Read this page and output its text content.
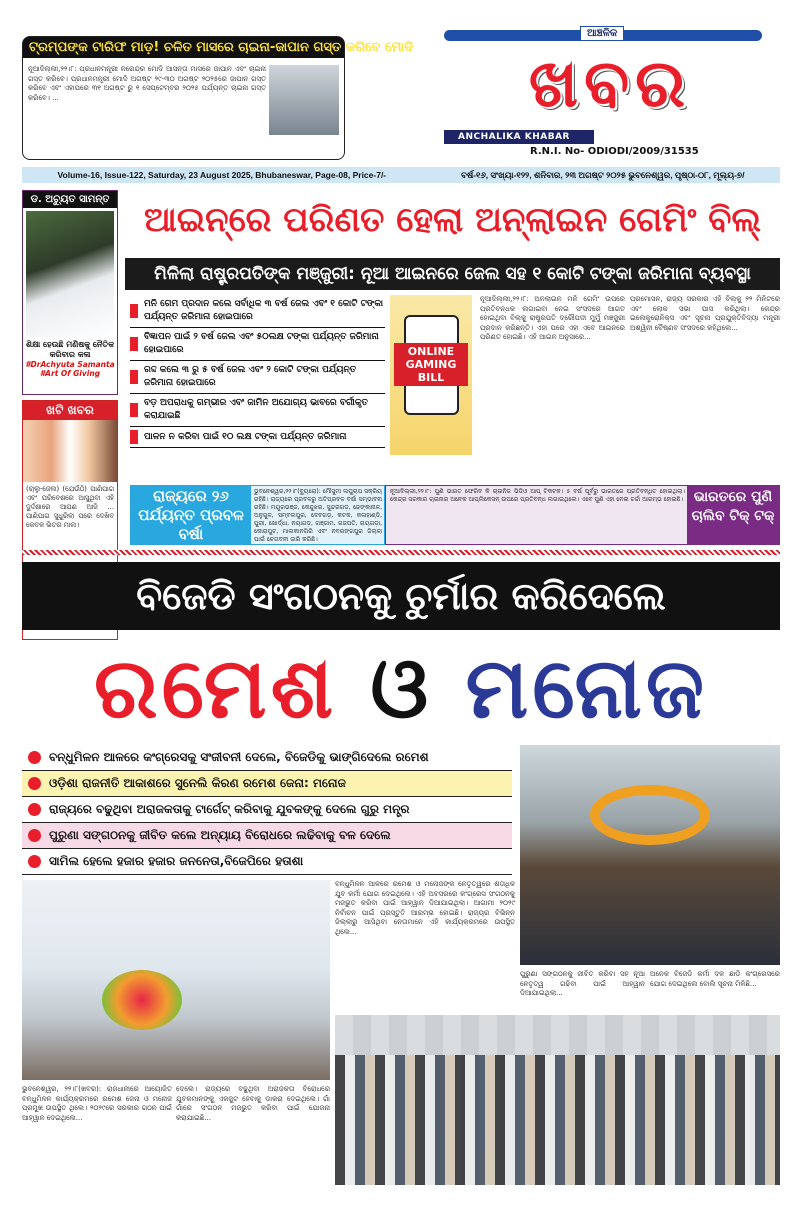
ଟ୍ରମ୍ପଙ୍କ ଟାରିଫ ମାଡ଼! ଚଳିତ ମାସରେ ଚାଇନା-ଜାପାନ ଗସ୍ତ କରିବେ ମୋଦି
ନୂଆଦିଲ୍ଲୀ,୨୨।୮: ପ୍ରଧାନମନ୍ତ୍ରୀ ନରେନ୍ଦ୍ର ମୋଦି ଆସନ୍ତା ମାସରେ ଜାପାନ ଏବଂ ଚାଇନା ଗସ୍ତ କରିବେ। ପ୍ରଧାନମନ୍ତ୍ରୀ ମୋଦି ଅଗଷ୍ଟ ୨୯-୩୦ ଅଗଷ୍ଟ ୨୦୨୫ରେ ଜାପାନ ଗସ୍ତ କରିବେ ଏବଂ ଏହାପରେ ୩୧ ଅଗଷ୍ଟ ରୁ ୧ ସେପ୍ଟେମ୍ବର ୨୦୨୫ ପର୍ଯ୍ୟନ୍ତ ଚାଇନା ଗସ୍ତ କରିବେ। ...	ଖବର
ଆଞ୍ଚଳିକ
ANCHALIKA KHABAR
R.N.I. No- ODIODI/2009/31535
Volume-16, Issue-122, Saturday, 23 August 2025, Bhubaneswar, Page-08, Price-7/-	ବର୍ଷ-୧୬, ସଂଖ୍ୟା-୧୨୨, ଶନିବାର, ୨୩ ଅଗଷ୍ଟ ୨୦୨୫ ଭୁବନେଶ୍ୱର, ପୃଷ୍ଠା-୦୮, ମୂଲ୍ୟ-୭/
ଡ. ଅଚ୍ୟୁତ ସାମନ୍ତ
ଶିକ୍ଷା ହେଉଛି ମଣିଷକୁ ନୈତିକ କରିବାର କଳା
#DrAchyuta Samanta
#Art Of Giving
ଖଟି ଖବର
(ଚାଲୁ-ଜେଲ) (ଯେଉଁଠି) ପାଣିପାଗ ଏବଂ ପରିବେଶରେ ଆସୁଥିବା ଏହି ଦୁର୍ଦ୍ଦଶାରେ ଆପଣ ଆଜି ... ପାଣିପାଗ ସୁଧୁରିଲା ପରେ ଦେଖିବ କେବଳ ଭିତର ମାଲ।
ଆଇନ୍‌ରେ ପରିଣତ ହେଲା ଅନ୍‌ଲାଇନ ଗେମିଂ ବିଲ୍
ମିଳିଲା ରାଷ୍ଟ୍ରପତିଙ୍କ ମଞ୍ଜୁରୀ: ନୂଆ ଆଇନରେ ଜେଲ ସହ ୧ କୋଟି ଟଙ୍କା ଜରିମାନା ବ୍ୟବସ୍ଥା
ମନି ଗେମ ପ୍ରଦାନ କଲେ ସର୍ବାଧିକ ୩ ବର୍ଷ ଜେଲ ଏବଂ ୧ କୋଟି ଟଙ୍କା ପର୍ଯ୍ୟନ୍ତ ଜରିମାନା ହୋଇପାରେ
ବିଜ୍ଞାପନ ପାଇଁ ୨ ବର୍ଷ ଜେଲ ଏବଂ ୫୦ଲକ୍ଷ ଟଙ୍କା ପର୍ଯ୍ୟନ୍ତ ଜରିମାନା ହୋଇପାରେ
ରଦ୍ଦ କଲେ ୩ ରୁ ୫ ବର୍ଷ ଜେଲ ଏବଂ ୨ କୋଟି ଟଙ୍କା ପର୍ଯ୍ୟନ୍ତ ଜରିମାନା ହୋଇପାରେ
ବଡ଼ ଅପରାଧକୁ ଗମ୍ଭୀର ଏବଂ ଜାମିନ ଅଯୋଗ୍ୟ ଭାବରେ ବର୍ଗୀକୃତ କରାଯାଇଛି
ପାଳନ ନ କରିବା ପାଇଁ ୧୦ ଲକ୍ଷ ଟଙ୍କା ପର୍ଯ୍ୟନ୍ତ ଜରିମାନା
ONLINE GAMING BILL
ନୂଆଦିଲ୍ଲୀ,୨୨।୮: ଅନଲାଇନ ମନି ଗେମିଂ ଉପରେ ପ୍ରତିବନ୍ଧକ ଲଗାଇବା ନେଇ ସଂସଦରେ ଆଗତ ହୋଇଥିବା ବିଲ୍‌କୁ ରାଷ୍ଟ୍ରପତି ଦ୍ରୌପଦୀ ମୁର୍ମୁ ମଞ୍ଜୁରୀ ପ୍ରଦାନ କରିଛନ୍ତି। ଏହା ପରେ ଏହା ଏବେ ଆଇନରେ ପରିଣତ ହୋଇଛି। ଏହି ଆଇନ ଅନୁସାରେ...
ପ୍ରମୋସନ, ରାଜ୍ୟ ସରକାର ଏହି ବିଲ୍‌କୁ ୨୨ ମିନିଟରେ ଏବଂ ଲୋକ ସଭା ପାସ କରିଥିଲା। କେନ୍ଦ୍ର ଇଲେକ୍ଟ୍ରୋନିକ୍ସ ଏବଂ ସୂଚନା ପ୍ରଯୁକ୍ତିବିଦ୍ୟା ମନ୍ତ୍ରୀ ଅଶ୍ୱିନୀ ବୈଷ୍ଣବ ସଂସଦରେ କହିଥିଲେ...
ରାଜ୍ୟରେ ୨୬ ପର୍ଯ୍ୟନ୍ତ ପ୍ରବଳ ବର୍ଷା
ଭୁବନେଶ୍ୱର,୨୨।୮(ବ୍ୟୁରୋ): ମୌସୁମୀ ଲଘୁଚାପ ସକ୍ରିୟ ରହିଛି। ରାଜ୍ୟରେ ପ୍ରବଳରୁ ଅତିପ୍ରବଳ ବର୍ଷା ସମ୍ଭାବନା ରହିଛି। ମୟୂରଭଞ୍ଜ, କେନ୍ଦୁଝର, ସୁନ୍ଦରଗଡ଼, ଢେଙ୍କାନାଳ, ଅନୁଗୁଳ, ସମ୍ବଲପୁର, ଦେବଗଡ଼, କଟକ, କଳାହାଣ୍ଡି, ପୁରୀ, ଖୋର୍ଦ୍ଧା, ନୟାଗଡ଼, ଗଞ୍ଜାମ, ଗଜପତି, ରାୟଗଡ଼ା, କୋରାପୁଟ, ମାଲକାନଗିରି ଏବଂ ନବରଙ୍ଗପୁର ଜିଲ୍ଲା ପାଇଁ ଚେତାବନୀ ଜାରି କରିଛି।
ନୂଆଦିଲ୍ଲୀ,୨୨।୮: ପୁଣି ଭାରତ ଫେରିବ କି ଚାଇନିଜ ଭିଡିଓ ଆପ୍ ଟିକଟକ। ୫ ବର୍ଷ ପୂର୍ବରୁ ଭାରତରେ ପ୍ରତିବନ୍ଧିତ ହୋଇଥିଲା। କେନ୍ଦ୍ର ସରକାର ଚାଇନାର ଅନେକ ଆପ୍ଲିକେସନ୍ ଉପରେ ପ୍ରତିବନ୍ଧ ଲଗାଇଥିଲେ। ଏବେ ପୁଣି ଏହା ନେଇ ଚର୍ଚ୍ଚା ଆରମ୍ଭ ହୋଇଛି। ଭାରତରେ ପୁଣି ଚାଲିବ ଟିକ୍ ଟକ୍
ବିଜେଡି ସଂଗଠନକୁ ଚୁର୍ମାର କରିଦେଲେ
ରମେଶ ଓ ମନୋଜ
ବନ୍ଧୁମିଳନ ଆଳରେ କଂଗ୍ରେସକୁ ସଂଜୀବନୀ ଦେଲେ, ବିଜେଡିକୁ ଭାଙ୍ଗିଦେଲେ ରମେଶ
ଓଡ଼ିଶା ରାଜନୀତି ଆକାଶରେ ସୁନେଲି କିରଣ ରମେଶ ଜେନା: ମନୋଜ
ରାଜ୍ୟରେ ବଢୁଥିବା ଅରାଜକତାକୁ ଟାର୍ଗେଟ୍ କରିବାକୁ ଯୁବକଙ୍କୁ ଦେଲେ ଗୁରୁ ମନ୍ତ୍ର
ପୁରୁଣା ସଙ୍ଗଠନକୁ ଜୀବିତ କଲେ ଅନ୍ୟାୟ ବିରୋଧରେ ଲଢିବାକୁ ବଳ ଦେଲେ
ସାମିଲ ହେଲେ ହଜାର ହଜାର ଜନନେତା,ବିଜେପିରେ ହତାଶା
ବନ୍ଧୁମିଳନ ଆଳରେ ରମେଶ ଓ ମନୋଜଙ୍କ ନେତୃତ୍ୱରେ ଶତାଧିକ ଯୁବ କର୍ମୀ ଯୋଗ ଦେଇଥିଲେ। ଏହି ଅବସରରେ କଂଗ୍ରେସ ସଂଗଠନକୁ ମଜଭୁତ କରିବା ପାଇଁ ଆହ୍ୱାନ ଦିଆଯାଇଥିଲା। ଆଗାମୀ ୨୦୨୯ ନିର୍ବାଚନ ପାଇଁ ପ୍ରସ୍ତୁତି ଆରମ୍ଭ ହୋଇଛି। ରାଜ୍ୟର ବିଭିନ୍ନ ଜିଲ୍ଲାରୁ ଆସିଥିବା ନେତାମାନେ ଏହି କାର୍ଯ୍ୟକ୍ରମରେ ଉପସ୍ଥିତ ଥିଲେ...
ପୁରୁଣା ସଙ୍ଗଠନକୁ ଜୀବିତ କରିବା ସହ ନୂଆ ନେତୃତ୍ୱ ଗଢିବା ପାଇଁ ଆହ୍ୱାନ ଦିଆଯାଇଥିଲା...
ଅନେକ ବିଜେଡି କର୍ମୀ ଦଳ ଛାଡି କଂଗ୍ରେସରେ ଯୋଗ ଦେଇଥିଲେ ବୋଲି ସୂଚନା ମିଳିଛି...
ଭୁବନେଶ୍ୱର, ୨୨।୮(ଖବର): ରାଜଧାନୀରେ ଆୟୋଜିତ ବନ୍ଧୁମିଳନ କାର୍ଯ୍ୟକ୍ରମରେ ରମେଶ ଜେନା ଓ ମନୋଜ ପ୍ରମୁଖ ଉପସ୍ଥିତ ଥିଲେ। ୨୦୨୯ରେ ସରକାର ଗଠନ ପାଇଁ ଆହ୍ୱାନ ଦେଇଥିଲେ...
ଦେଲେ। ରାଜ୍ୟରେ ବଢୁଥିବା ଅରାଜକତା ବିରୋଧରେ ଯୁବକମାନଙ୍କୁ ଏକଜୁଟ ହେବାକୁ ଡାକରା ଦେଇଥିଲେ। ଗାଁ ଗାଁରେ ସଂଗଠନ ମଜଭୁତ କରିବା ପାଇଁ ଯୋଜନା କରାଯାଇଛି...
